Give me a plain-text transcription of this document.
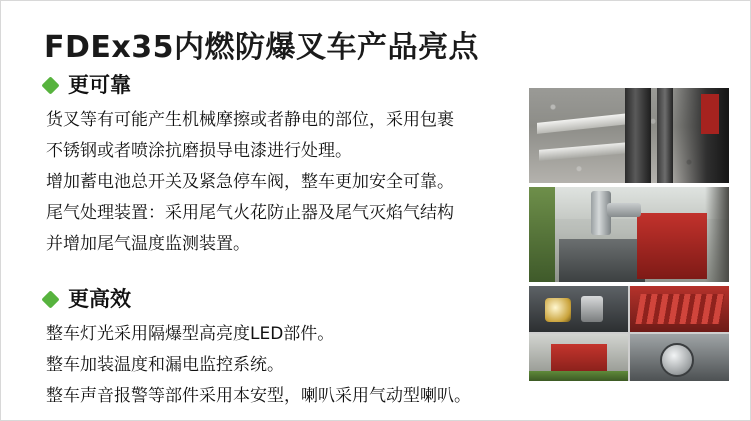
FDEx35内燃防爆叉车产品亮点
更可靠
货叉等有可能产生机械摩擦或者静电的部位，采用包裹
不锈钢或者喷涂抗磨损导电漆进行处理。
增加蓄电池总开关及紧急停车阀，整车更加安全可靠。
尾气处理装置：采用尾气火花防止器及尾气灭焰气结构
并增加尾气温度监测装置。
更高效
整车灯光采用隔爆型高亮度LED部件。
整车加装温度和漏电监控系统。
整车声音报警等部件采用本安型，喇叭采用气动型喇叭。
